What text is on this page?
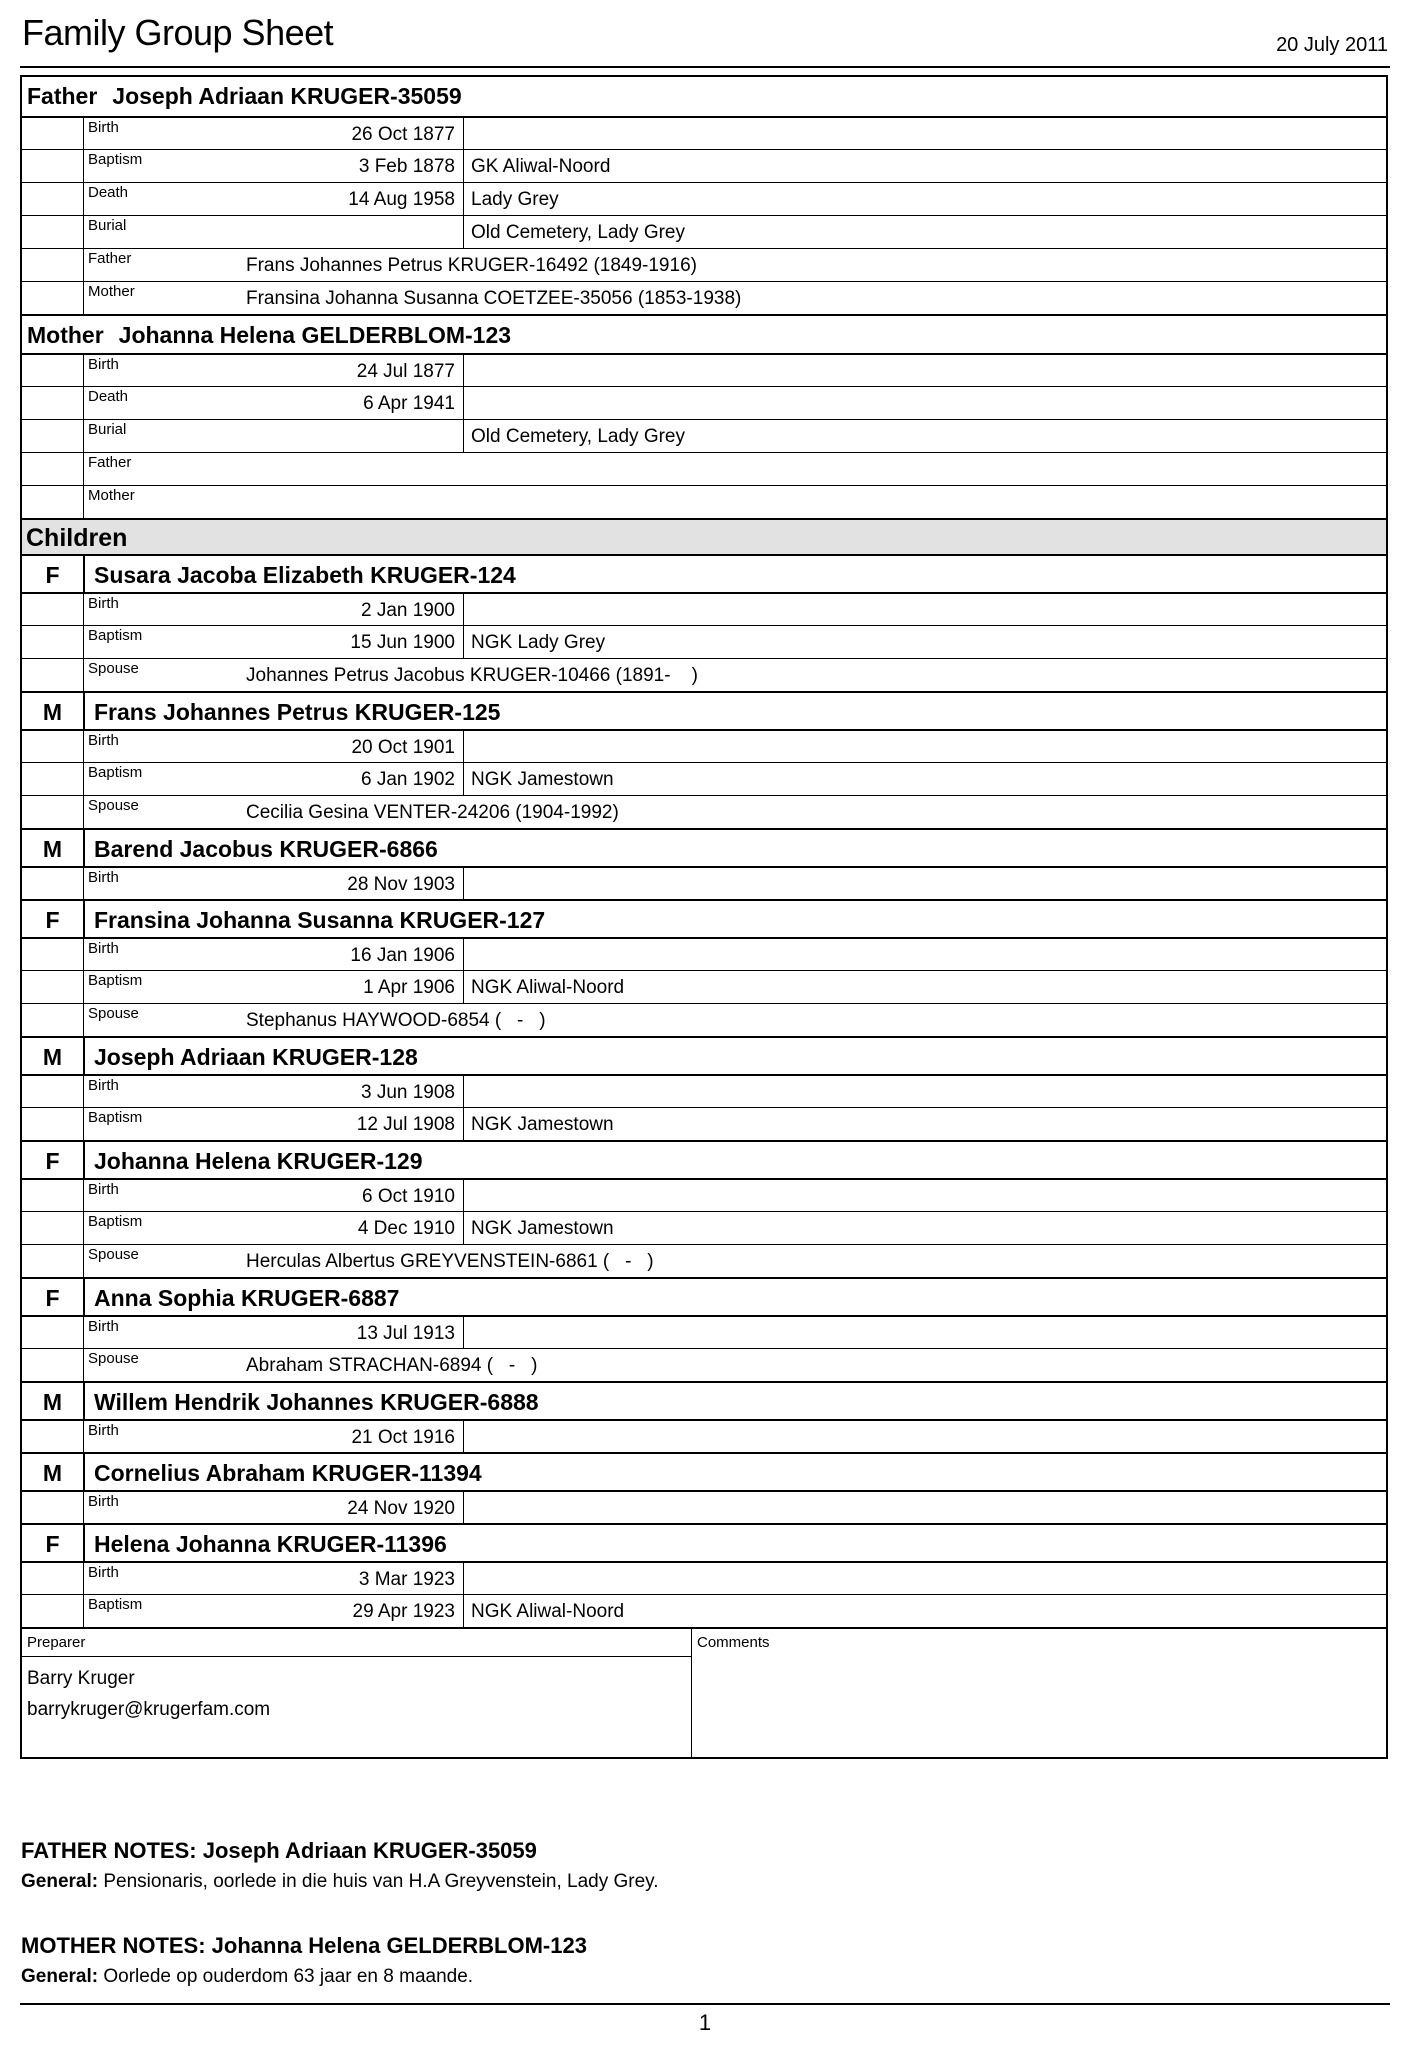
Family Group Sheet	20 July 2011
Father Joseph Adriaan KRUGER-35059
Birth	26 Oct 1877
Baptism	3 Feb 1878 GK Aliwal-Noord
Death	14 Aug 1958 Lady Grey
Burial	Old Cemetery, Lady Grey
Father	Frans Johannes Petrus KRUGER-16492 (1849-1916)
Mother	Fransina Johanna Susanna COETZEE-35056 (1853-1938)
Mother Johanna Helena GELDERBLOM-123
Birth	24 Jul 1877
Death	6 Apr 1941
Burial	Old Cemetery, Lady Grey
Father
Mother
Children
F	Susara Jacoba Elizabeth KRUGER-124
Birth	2 Jan 1900
Baptism	15 Jun 1900 NGK Lady Grey
Spouse	Johannes Petrus Jacobus KRUGER-10466 (1891-    )
M	Frans Johannes Petrus KRUGER-125
Birth	20 Oct 1901
Baptism	6 Jan 1902 NGK Jamestown
Spouse	Cecilia Gesina VENTER-24206 (1904-1992)
M	Barend Jacobus KRUGER-6866
Birth	28 Nov 1903
F	Fransina Johanna Susanna KRUGER-127
Birth	16 Jan 1906
Baptism	1 Apr 1906 NGK Aliwal-Noord
Spouse	Stephanus HAYWOOD-6854 (   -   )
M	Joseph Adriaan KRUGER-128
Birth	3 Jun 1908
Baptism	12 Jul 1908 NGK Jamestown
F	Johanna Helena KRUGER-129
Birth	6 Oct 1910
Baptism	4 Dec 1910 NGK Jamestown
Spouse	Herculas Albertus GREYVENSTEIN-6861 (   -   )
F	Anna Sophia KRUGER-6887
Birth	13 Jul 1913
Spouse	Abraham STRACHAN-6894 (   -   )
M	Willem Hendrik Johannes KRUGER-6888
Birth	21 Oct 1916
M	Cornelius Abraham KRUGER-11394
Birth	24 Nov 1920
F	Helena Johanna KRUGER-11396
Birth	3 Mar 1923
Baptism	29 Apr 1923 NGK Aliwal-Noord
Preparer
Barry Kruger
barrykruger@krugerfam.com
Comments
FATHER NOTES: Joseph Adriaan KRUGER-35059
General: Pensionaris, oorlede in die huis van H.A Greyvenstein, Lady Grey.
MOTHER NOTES: Johanna Helena GELDERBLOM-123
General: Oorlede op ouderdom 63 jaar en 8 maande.
1
